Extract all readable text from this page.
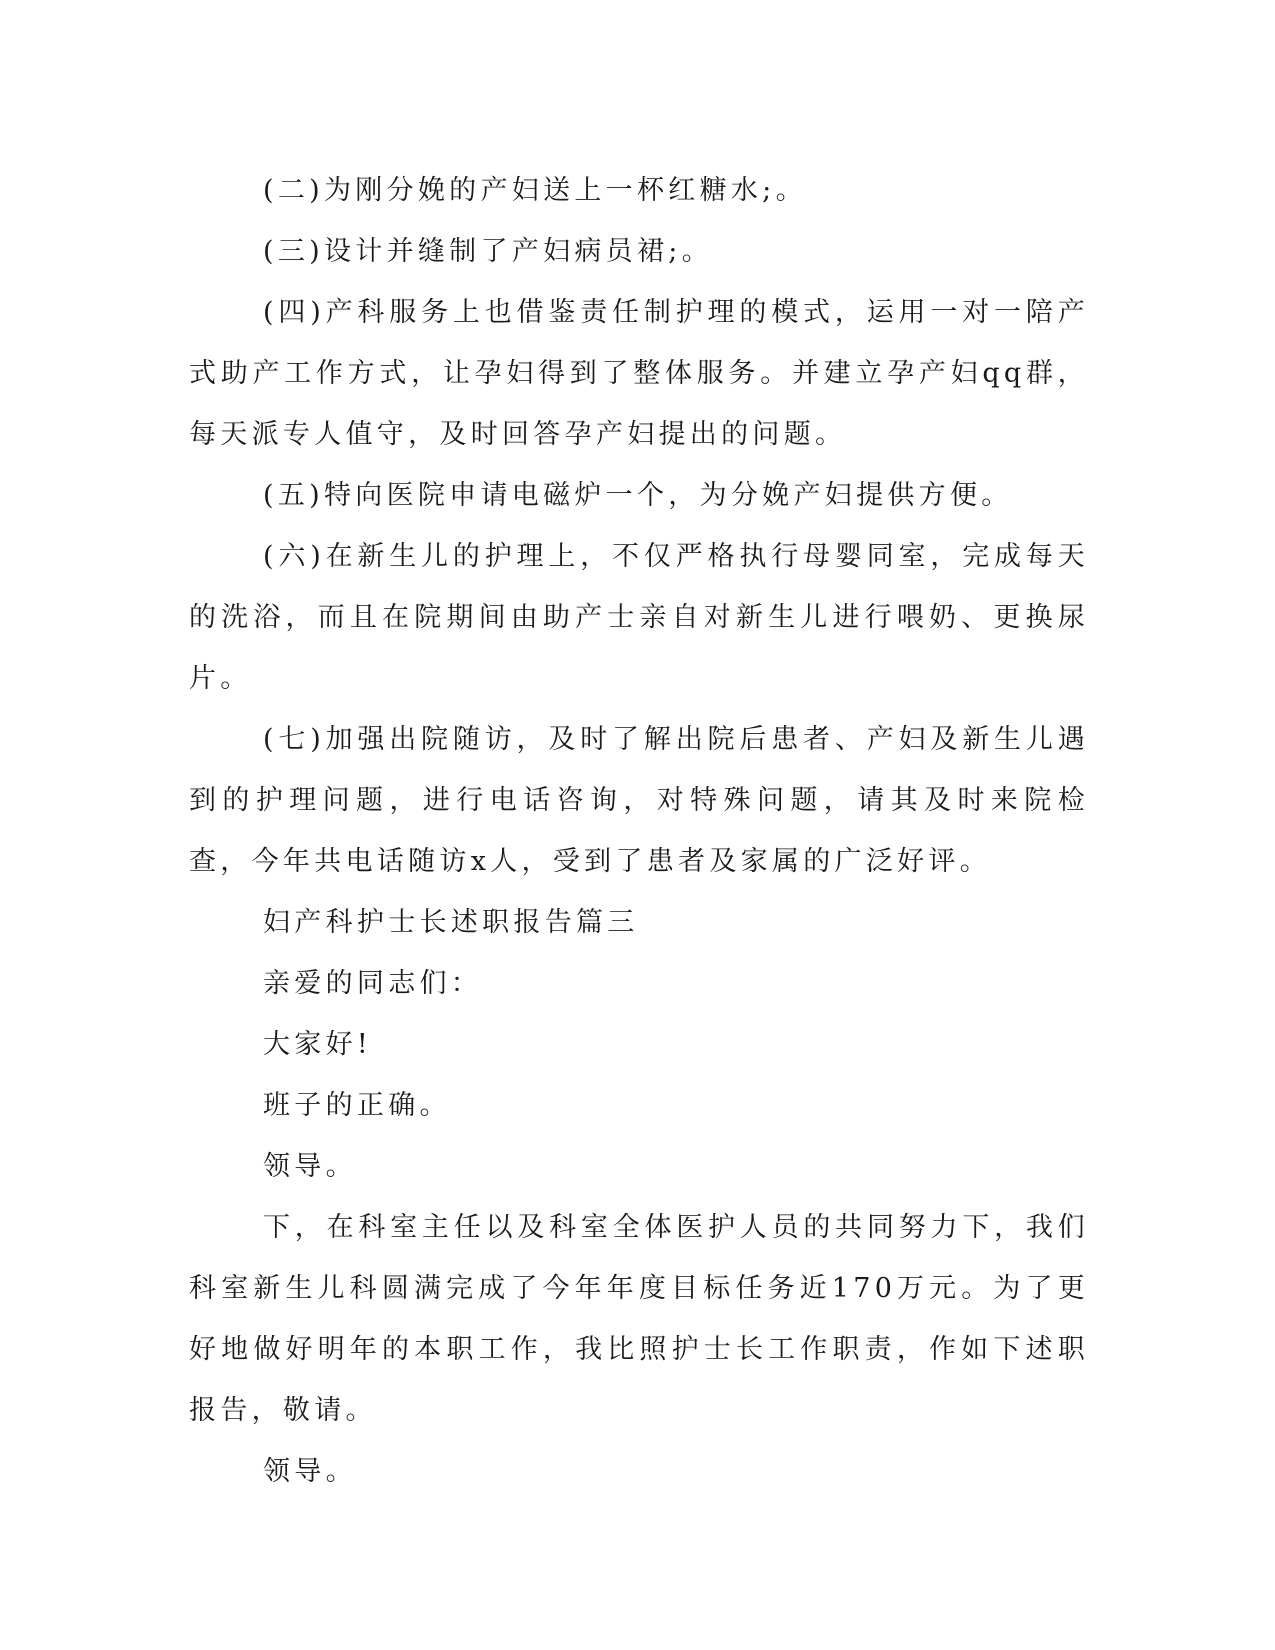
(二)为刚分娩的产妇送上一杯红糖水;。

(三)设计并缝制了产妇病员裙;。

(四)产科服务上也借鉴责任制护理的模式，运用一对一陪产式助产工作方式，让孕妇得到了整体服务。并建立孕产妇qq群，每天派专人值守，及时回答孕产妇提出的问题。

(五)特向医院申请电磁炉一个，为分娩产妇提供方便。

(六)在新生儿的护理上，不仅严格执行母婴同室，完成每天的洗浴，而且在院期间由助产士亲自对新生儿进行喂奶、更换尿片。

(七)加强出院随访，及时了解出院后患者、产妇及新生儿遇到的护理问题，进行电话咨询，对特殊问题，请其及时来院检查，今年共电话随访x人，受到了患者及家属的广泛好评。

妇产科护士长述职报告篇三

亲爱的同志们：

大家好!

班子的正确。

领导。

下，在科室主任以及科室全体医护人员的共同努力下，我们科室新生儿科圆满完成了今年年度目标任务近170万元。为了更好地做好明年的本职工作，我比照护士长工作职责，作如下述职报告，敬请。

领导。
